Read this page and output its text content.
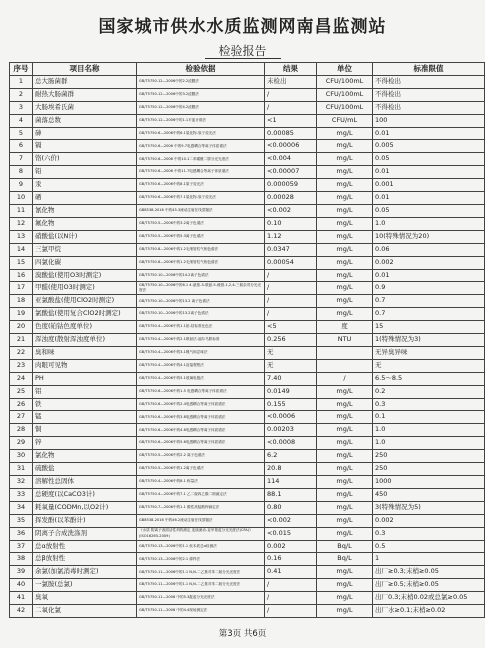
国家城市供水水质监测网南昌监测站
检验报告
序号	项目名称	检验依据	结果	单位	标准限值
1	总大肠菌群	GB/T5750.12—2006中的2.2滤膜法	未检出	CFU/100mL	不得检出
2	耐热大肠菌群	GB/T5750.12—2006中的3.2滤膜法	/	CFU/100mL	不得检出
3	大肠埃希氏菌	GB/T5750.12—2006中的4.2滤膜法	/	CFU/100mL	不得检出
4	菌落总数	GB/T5750.12—2006中的1.1平皿计数法	<1	CFU/mL	100
5	砷	GB/T5750.6—2006中的6.1氢化物-原子荧光法	0.00085	mg/L	0.01
6	镉	GB/T5750.6—2006 中的9.7电感耦合等离子体质谱法	<0.00006	mg/L	0.005
7	铬(六价)	GB/T5750.6—2006 中的10.1二苯碳酰二肼分光光度法	<0.004	mg/L	0.05
8	铅	GB/T5750.6—2006 中的11.7电感耦合等离子体质谱法	<0.00007	mg/L	0.01
9	汞	GB/T5750.6—2006中的8.1原子荧光法	0.000059	mg/L	0.001
10	硒	GB/T5750.6—2006中的7.1氢化物-原子荧光法	0.00028	mg/L	0.01
11	氰化物	GB8538-2016 中的45.3流动注射在线蒸馏法	<0.002	mg/L	0.05
12	氟化物	GB/T5750.5—2006中的3.2离子色谱法	0.10	mg/L	1.0
13	硝酸盐(以N计)	GB/T5750.5—2006中的5.3离子色谱法	1.12	mg/L	10(特殊情况为20)
14	三氯甲烷	GB/T5750.8—2006中的1.2毛细管柱气相色谱法	0.0347	mg/L	0.06
15	四氯化碳	GB/T5750.8—2006中的1.2毛细管柱气相色谱法	0.00054	mg/L	0.002
16	溴酸盐(使用O3时测定)	GB/T5750.10—2006中的14.2离子色谱法	/	mg/L	0.01
17	甲醛(使用O3时测定)	GB/T5750.10—2006中的6.1 4-氨基-3-联氨-5-巯基-1,2,4-三氮杂茂分光光度法	/	mg/L	0.9
18	亚氯酸盐(使用ClO2时测定)	GB/T5750.10—2006中的13.2 离子色谱法	/	mg/L	0.7
19	氯酸盐(使用复合ClO2时测定)	GB/T5750.10—2006中的13.2离子色谱法	/	mg/L	0.7
20	色度(铂钴色度单位)	GB/T5750.4—2006中的1.1铂-钴标准比色法	<5	度	15
21	浑浊度(散射浑浊度单位)	GB/T5750.4—2006中的2.1散射法-福尔马肼标准	0.256	NTU	1(特殊情况为3)
22	臭和味	GB/T5750.4—2006中的3.1嗅气和尝味法	无		无异臭异味
23	肉眼可见物	GB/T5750.4—2006中的4.1直接观察法	无		无
24	PH	GB/T5750.4—2006中的5.1玻璃电极法	7.40	/	6.5～8.5
25	铝	GB/T5750.6—2006中的1.5 电感耦合等离子体质谱法	0.0149	mg/L	0.2
26	铁	GB/T5750.6—2006中的2.4电感耦合等离子体质谱法	0.155	mg/L	0.3
27	锰	GB/T5750.6—2006中的3.8电感耦合等离子体质谱法	<0.0006	mg/L	0.1
28	铜	GB/T5750.6—2006中的4.6电感耦合等离子体质谱法	0.00203	mg/L	1.0
29	锌	GB/T5750.6—2006中的5.6电感耦合等离子体质谱法	<0.0008	mg/L	1.0
30	氯化物	GB/T5750.5—2006中的2.2 离子色谱法	6.2	mg/L	250
31	硫酸盐	GB/T5750.5—2006中的1.2离子色谱法	20.8	mg/L	250
32	溶解性总固体	GB/T5750.4—2006中的8.1 称量法	114	mg/L	1000
33	总硬度(以CaCO3计)	GB/T5750.4—2006中的7.1 乙二胺四乙酸二钠滴定法	88.1	mg/L	450
34	耗氧量(CODMn,以O2计)	GB/T5750.7—2006中的1.1 酸性高锰酸钾滴定法	0.80	mg/L	3(特殊情况为5)
35	挥发酚(以苯酚计)	GB8538-2016 中的46.2流动注射在线蒸馏法	<0.002	mg/L	0.002
36	阴离子合成洗涤剂	《水质 阴离子表面活性剂的测定 连续流动-亚甲基蓝分光光度法(CFA)》(ISO16265-2009)	<0.015	mg/L	0.3
37	总α放射性	GB/T5750.13—2006中的1.1 低本底总α检测法	0.002	Bq/L	0.5
38	总β放射性	GB/T5750.13—2006中的2.1 薄样法	0.16	Bq/L	1
39	余氯(加氯消毒时测定)	GB/T5750.11—2006中的1.1 N,N-二乙基对苯二胺分光光度法	0.41	mg/L	出厂≥0.3;末梢≥0.05
40	一氯胺(总氯)	GB/T5750.11—2006中的1.1 N,N-二乙基对苯二胺分光光度法	/	mg/L	出厂≥0.5;末梢≥0.05
41	臭氧	GB/T5750.11—2006 中的5.3靛蓝分光光度法	/	mg/L	出厂0.3;末梢0.02或总氯≥0.05
42	二氧化氯	GB/T5750.11—2006 中的4.4现场测定法	/	mg/L	出厂水≥0.1;末梢≥0.02
第3页 共6页
